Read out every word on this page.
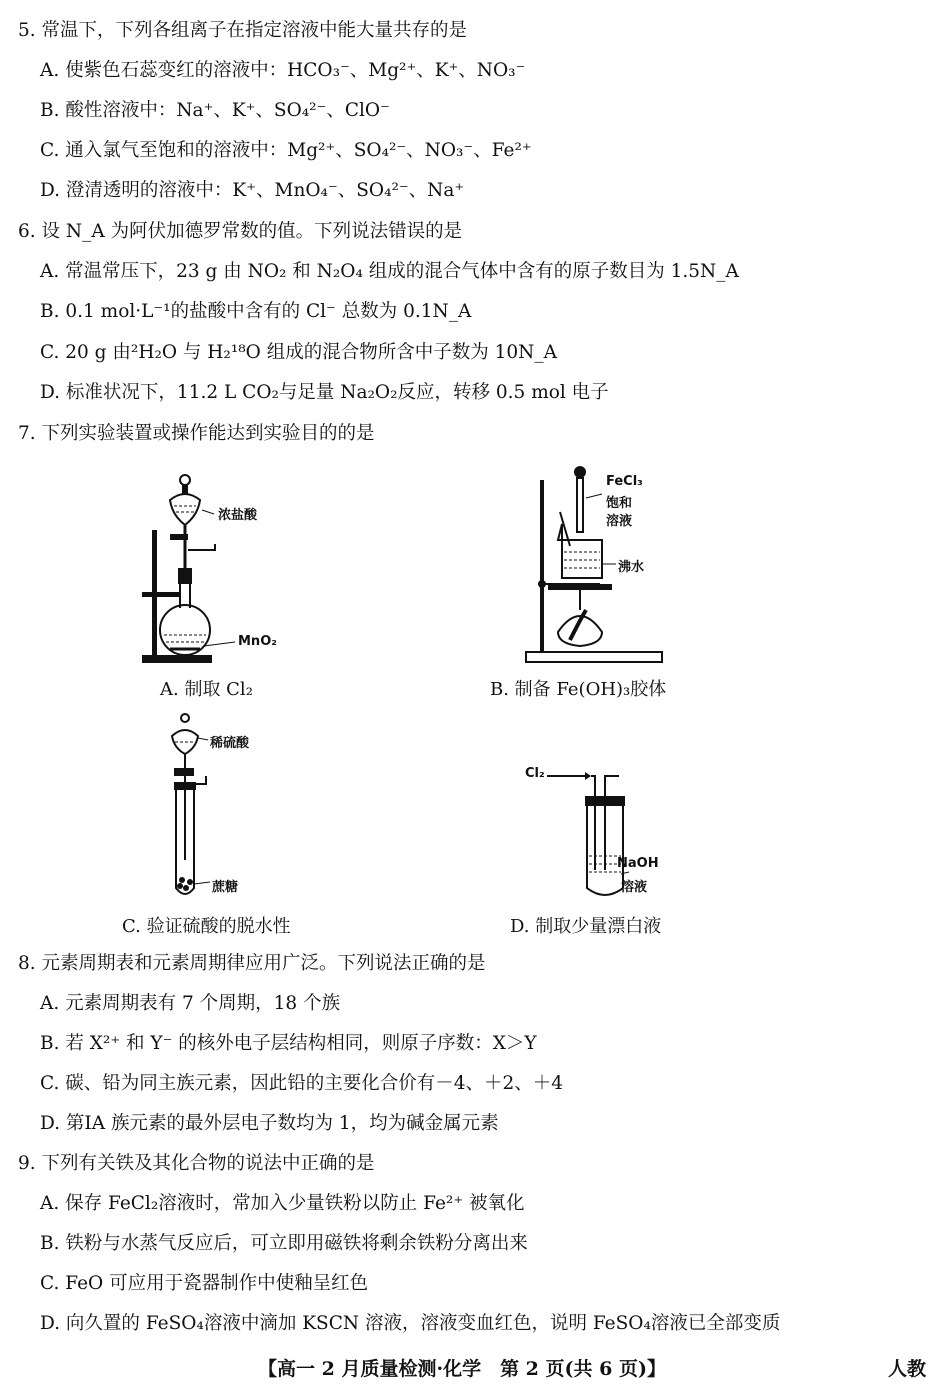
5. 常温下，下列各组离子在指定溶液中能大量共存的是
A. 使紫色石蕊变红的溶液中：HCO₃⁻、Mg²⁺、K⁺、NO₃⁻
B. 酸性溶液中：Na⁺、K⁺、SO₄²⁻、ClO⁻
C. 通入氯气至饱和的溶液中：Mg²⁺、SO₄²⁻、NO₃⁻、Fe²⁺
D. 澄清透明的溶液中：K⁺、MnO₄⁻、SO₄²⁻、Na⁺
6. 设 N_A 为阿伏加德罗常数的值。下列说法错误的是
A. 常温常压下，23 g 由 NO₂ 和 N₂O₄ 组成的混合气体中含有的原子数目为 1.5N_A
B. 0.1 mol·L⁻¹的盐酸中含有的 Cl⁻ 总数为 0.1N_A
C. 20 g 由²H₂O 与 H₂¹⁸O 组成的混合物所含中子数为 10N_A
D. 标准状况下，11.2 L CO₂与足量 Na₂O₂反应，转移 0.5 mol 电子
7. 下列实验装置或操作能达到实验目的的是
浓盐酸
MnO₂
A. 制取 Cl₂
FeCl₃
饱和
溶液
沸水
B. 制备 Fe(OH)₃胶体
稀硫酸
蔗糖
C. 验证硫酸的脱水性
Cl₂
NaOH
溶液
D. 制取少量漂白液
8. 元素周期表和元素周期律应用广泛。下列说法正确的是
A. 元素周期表有 7 个周期，18 个族
B. 若 X²⁺ 和 Y⁻ 的核外电子层结构相同，则原子序数：X＞Y
C. 碳、铅为同主族元素，因此铅的主要化合价有－4、＋2、＋4
D. 第ⅠA 族元素的最外层电子数均为 1，均为碱金属元素
9. 下列有关铁及其化合物的说法中正确的是
A. 保存 FeCl₂溶液时，常加入少量铁粉以防止 Fe²⁺ 被氧化
B. 铁粉与水蒸气反应后，可立即用磁铁将剩余铁粉分离出来
C. FeO 可应用于瓷器制作中使釉呈红色
D. 向久置的 FeSO₄溶液中滴加 KSCN 溶液，溶液变血红色，说明 FeSO₄溶液已全部变质
【高一 2 月质量检测·化学　第 2 页(共 6 页)】	人教
